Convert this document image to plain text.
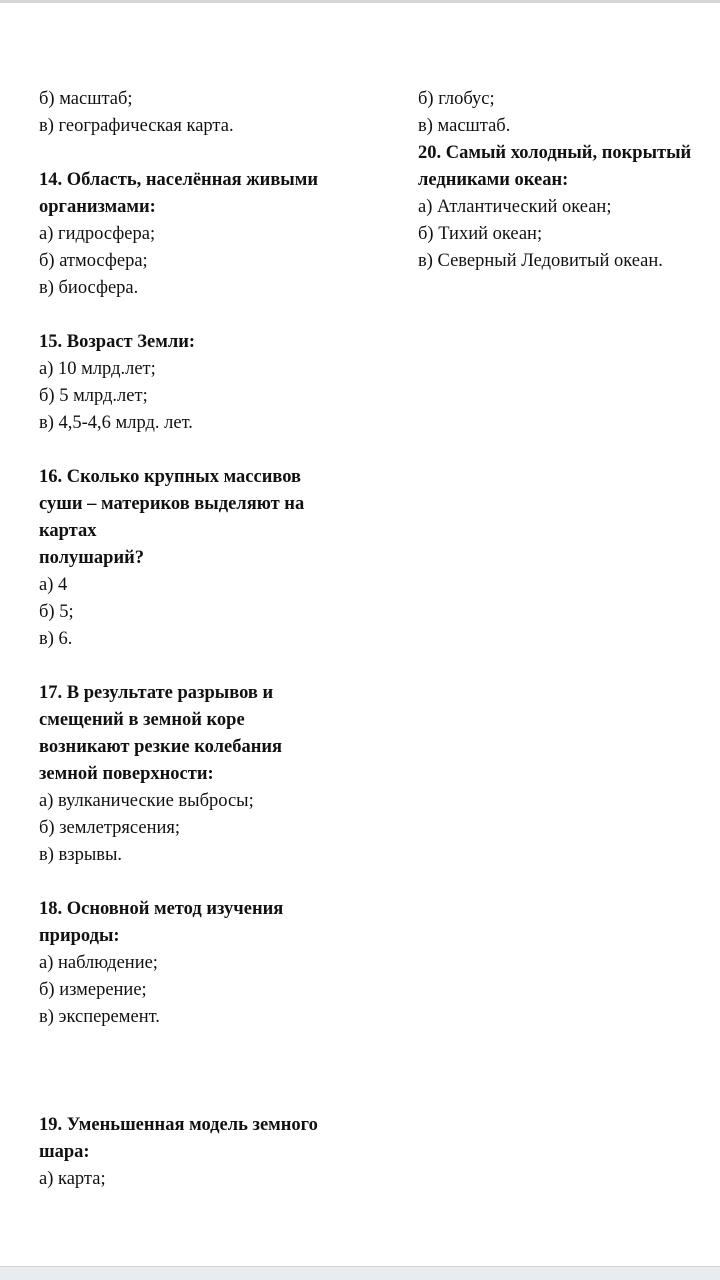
б) масштаб;
в) географическая карта.
14. Область, населённая живыми
организмами:
а) гидросфера;
б) атмосфера;
в) биосфера.
15. Возраст Земли:
а) 10 млрд.лет;
б) 5 млрд.лет;
в) 4,5-4,6 млрд. лет.
16. Сколько крупных массивов
суши – материков выделяют на
картах
полушарий?
а) 4
б) 5;
в) 6.
17. В результате разрывов и
смещений в земной коре
возникают резкие колебания
земной поверхности:
а) вулканические выбросы;
б) землетрясения;
в) взрывы.
18. Основной метод изучения
природы:
а) наблюдение;
б) измерение;
в) эксперемент.
19. Уменьшенная модель земного
шара:
а) карта;
б) глобус;
в) масштаб.
20. Самый холодный, покрытый
ледниками океан:
а) Атлантический океан;
б) Тихий океан;
в) Северный Ледовитый океан.
